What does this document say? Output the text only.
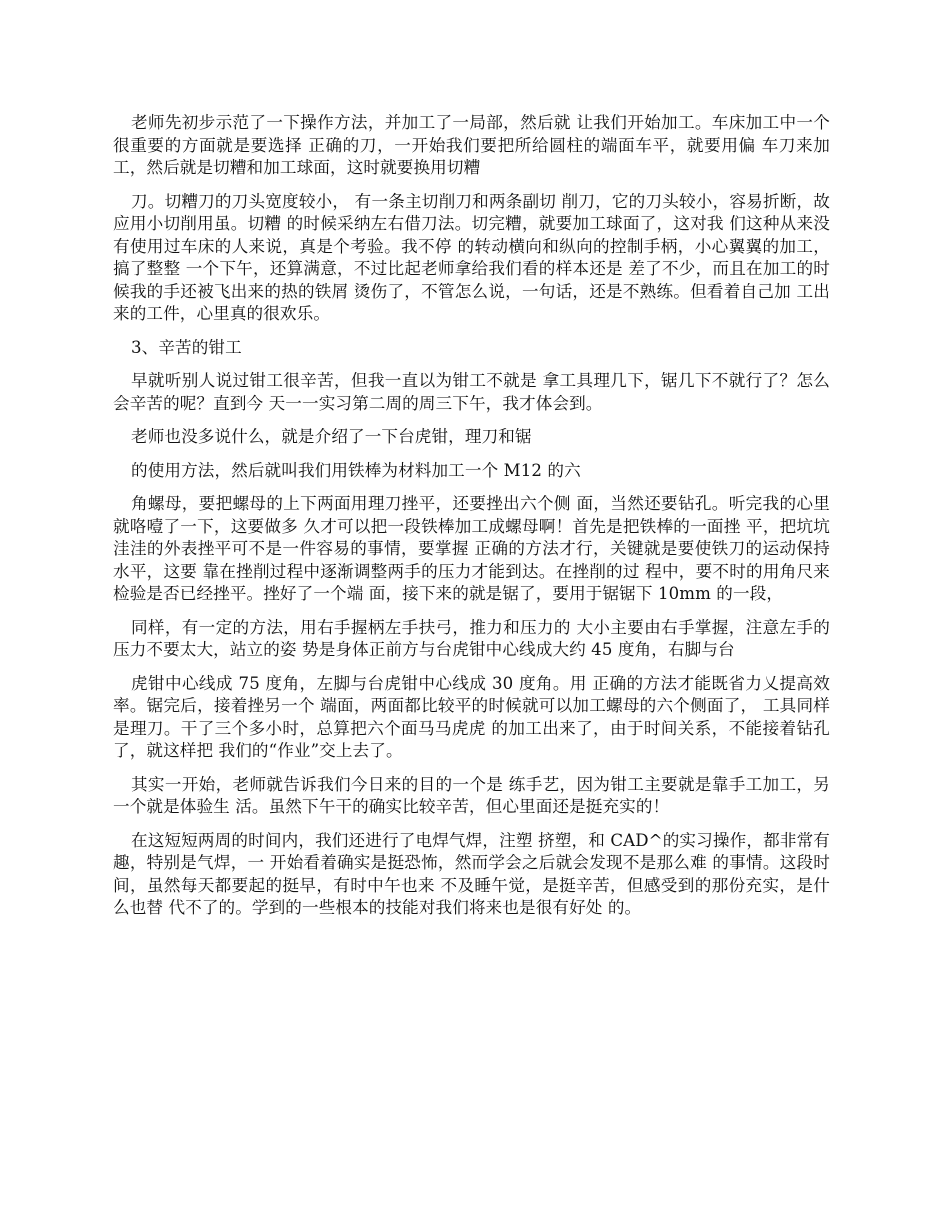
老师先初步示范了一下操作方法，并加工了一局部，然后就 让我们开始加工。车床加工中一个很重要的方面就是要选择 正确的刀，一开始我们要把所给圆柱的端面车平，就要用偏 车刀来加工，然后就是切糟和加工球面，这时就要换用切糟

刀。切糟刀的刀头宽度较小， 有一条主切削刀和两条副切 削刀，它的刀头较小，容易折断，故应用小切削用虽。切糟 的时候采纳左右借刀法。切完糟，就要加工球面了，这对我 们这种从来没有使用过车床的人来说，真是个考验。我不停 的转动横向和纵向的控制手柄，小心翼翼的加工，搞了整整 一个下午，还算满意，不过比起老师拿给我们看的样本还是 差了不少，而且在加工的时候我的手还被飞出来的热的铁屑 烫伤了，不管怎么说，一句话，还是不熟练。但看着自己加 工出来的工件，心里真的很欢乐。

3、辛苦的钳工

早就听别人说过钳工很辛苦，但我一直以为钳工不就是 拿工具理几下，锯几下不就行了？怎么会辛苦的呢？直到今 天一一实习第二周的周三下午，我才体会到。

老师也没多说什么，就是介绍了一下台虎钳，理刀和锯

的使用方法，然后就叫我们用铁棒为材料加工一个 M12 的六

角螺母，要把螺母的上下两面用理刀挫平，还要挫出六个侧 面，当然还要钻孔。听完我的心里就咯噎了一下，这要做多 久才可以把一段铁棒加工成螺母啊！首先是把铁棒的一面挫 平，把坑坑洼洼的外表挫平可不是一件容易的事情，要掌握 正确的方法才行，关键就是要使铁刀的运动保持水平，这要 靠在挫削过程中逐渐调整两手的压力才能到达。在挫削的过 程中，要不时的用角尺来检验是否已经挫平。挫好了一个端 面，接下来的就是锯了，要用于锯锯下 10mm 的一段，

同样，有一定的方法，用右手握柄左手扶弓，推力和压力的 大小主要由右手掌握，注意左手的压力不要太大，站立的姿 势是身体正前方与台虎钳中心线成大约 45 度角，右脚与台

虎钳中心线成 75 度角，左脚与台虎钳中心线成 30 度角。用 正确的方法才能既省力乂提高效率。锯完后，接着挫另一个 端面，两面都比较平的时候就可以加工螺母的六个侧面了， 工具同样是理刀。干了三个多小时，总算把六个面马马虎虎 的加工出来了，由于时间关系，不能接着钻孔了，就这样把 我们的“作业”交上去了。

其实一开始，老师就告诉我们今日来的目的一个是 练手艺，因为钳工主要就是靠手工加工，另一个就是体验生 活。虽然下午干的确实比较辛苦，但心里面还是挺充实的！

在这短短两周的时间内，我们还进行了电焊气焊，注塑 挤塑，和 CAD^的实习操作，都非常有趣，特别是气焊，一 开始看着确实是挺恐怖，然而学会之后就会发现不是那么难 的事情。这段时间，虽然每天都要起的挺早，有时中午也来 不及睡午觉，是挺辛苦，但感受到的那份充实，是什么也替 代不了的。学到的一些根本的技能对我们将来也是很有好处 的。
